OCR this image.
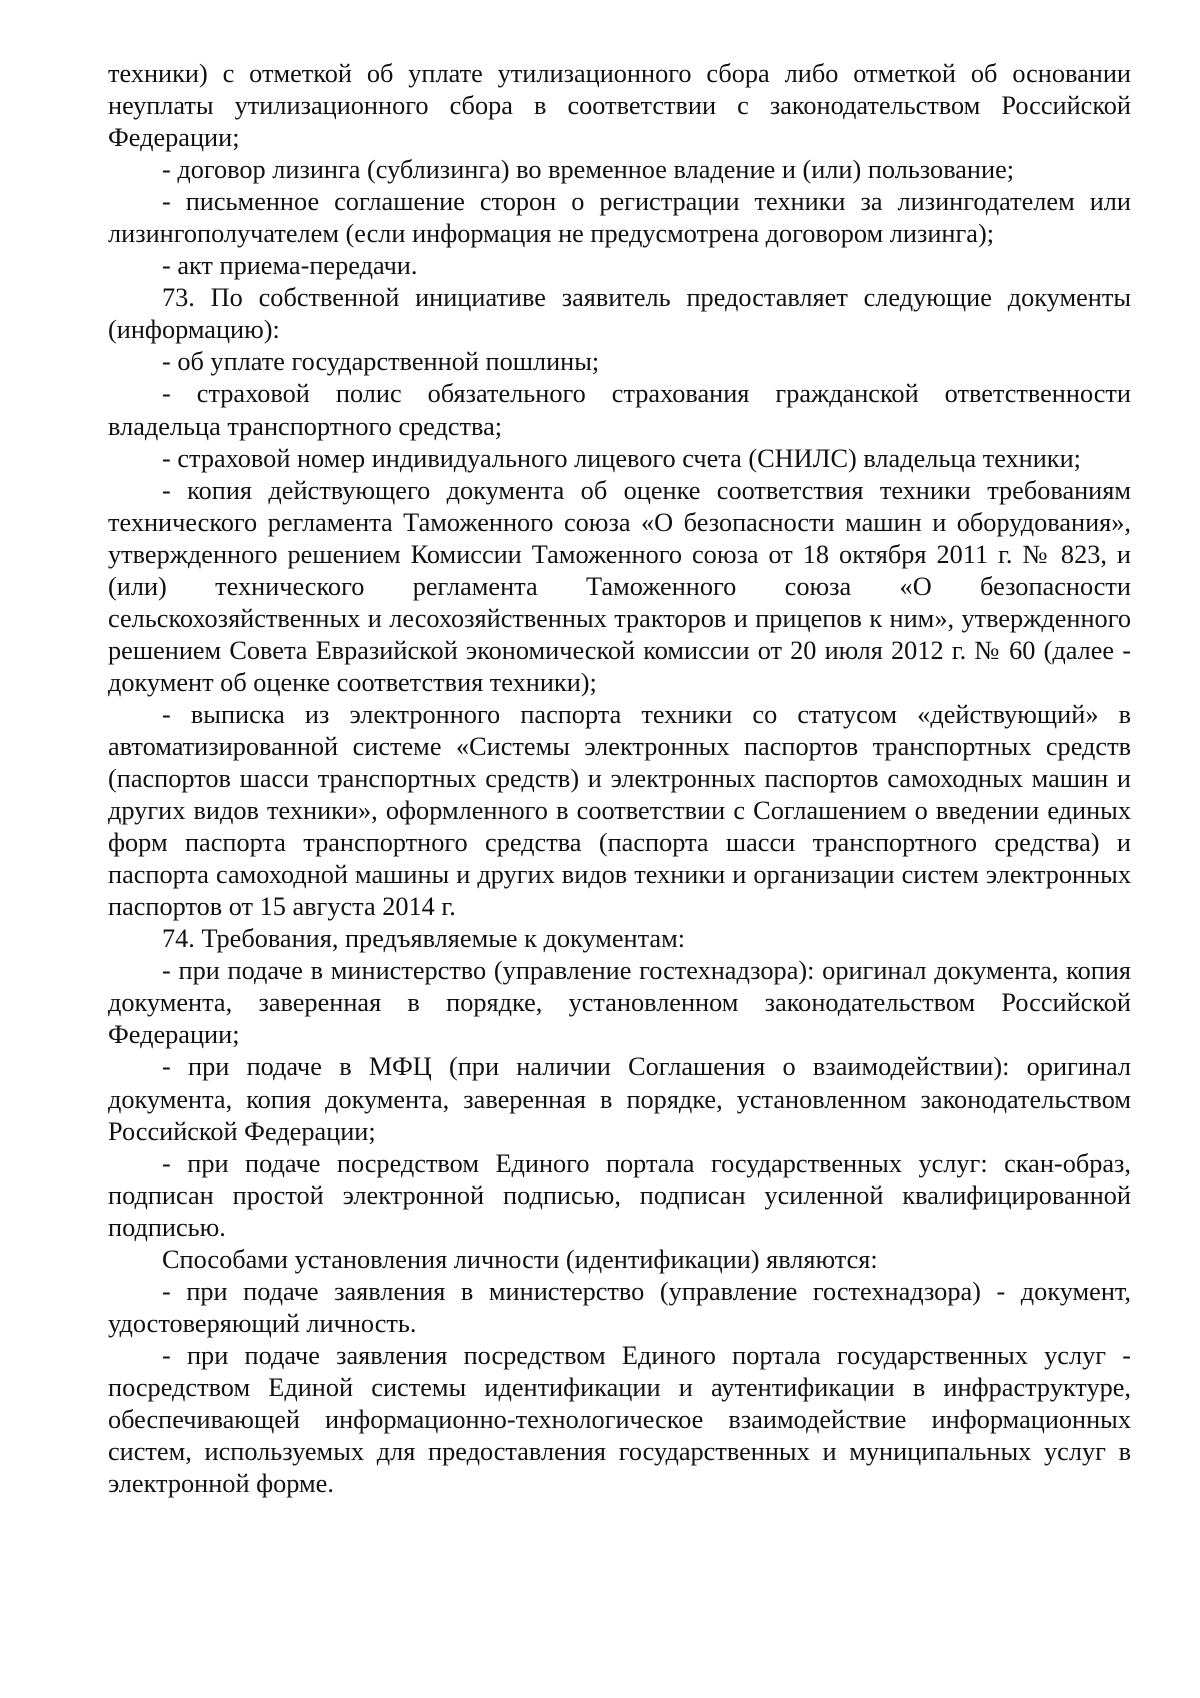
техники) с отметкой об уплате утилизационного сбора либо отметкой об основании неуплаты утилизационного сбора в соответствии с законодательством Российской Федерации;

- договор лизинга (сублизинга) во временное владение и (или) пользование;

- письменное соглашение сторон о регистрации техники за лизингодателем или лизингополучателем (если информация не предусмотрена договором лизинга);

- акт приема-передачи.

73. По собственной инициативе заявитель предоставляет следующие документы (информацию):

- об уплате государственной пошлины;

- страховой полис обязательного страхования гражданской ответственности владельца транспортного средства;

- страховой номер индивидуального лицевого счета (СНИЛС) владельца техники;

- копия действующего документа об оценке соответствия техники требованиям технического регламента Таможенного союза «О безопасности машин и оборудования», утвержденного решением Комиссии Таможенного союза от 18 октября 2011 г. № 823, и (или) технического регламента Таможенного союза «О безопасности сельскохозяйственных и лесохозяйственных тракторов и прицепов к ним», утвержденного решением Совета Евразийской экономической комиссии от 20 июля 2012 г. № 60 (далее - документ об оценке соответствия техники);

- выписка из электронного паспорта техники со статусом «действующий» в автоматизированной системе «Системы электронных паспортов транспортных средств (паспортов шасси транспортных средств) и электронных паспортов самоходных машин и других видов техники», оформленного в соответствии с Соглашением о введении единых форм паспорта транспортного средства (паспорта шасси транспортного средства) и паспорта самоходной машины и других видов техники и организации систем электронных паспортов от 15 августа 2014 г.

74. Требования, предъявляемые к документам:

- при подаче в министерство (управление гостехнадзора): оригинал документа, копия документа, заверенная в порядке, установленном законодательством Российской Федерации;

- при подаче в МФЦ (при наличии Соглашения о взаимодействии): оригинал документа, копия документа, заверенная в порядке, установленном законодательством Российской Федерации;

- при подаче посредством Единого портала государственных услуг: скан-образ, подписан простой электронной подписью, подписан усиленной квалифицированной подписью.

Способами установления личности (идентификации) являются:

- при подаче заявления в министерство (управление гостехнадзора) - документ, удостоверяющий личность.

- при подаче заявления посредством Единого портала государственных услуг - посредством Единой системы идентификации и аутентификации в инфраструктуре, обеспечивающей информационно-технологическое взаимодействие информационных систем, используемых для предоставления государственных и муниципальных услуг в электронной форме.
